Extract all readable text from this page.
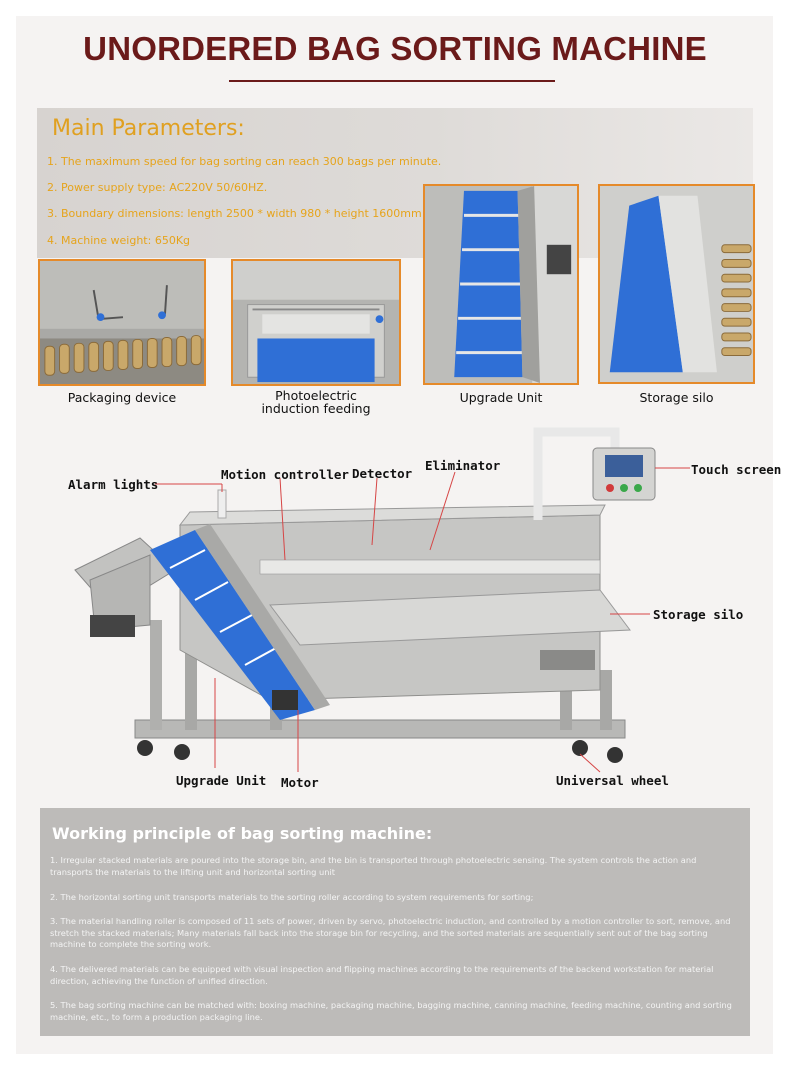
UNORDERED BAG SORTING MACHINE
Main Parameters:
1. The maximum speed for bag sorting can reach 300 bags per minute.
2. Power supply type: AC220V 50/60HZ.
3. Boundary dimensions: length 2500 * width 980 * height 1600mm
4. Machine weight: 650Kg
Packaging device	Photoelectric
induction feeding
Upgrade Unit	Storage silo
Alarm lights
Motion controller Detector
Eliminator	Touch screen
Storage silo
Upgrade Unit Motor	Universal wheel
Working principle of bag sorting machine:
1. Irregular stacked materials are poured into the storage bin, and the bin is transported through photoelectric sensing. The system controls the action and transports the materials to the lifting unit and horizontal sorting unit
2. The horizontal sorting unit transports materials to the sorting roller according to system requirements for sorting;
3. The material handling roller is composed of 11 sets of power, driven by servo, photoelectric induction, and controlled by a motion controller to sort, remove, and stretch the stacked materials; Many materials fall back into the storage bin for recycling, and the sorted materials are sequentially sent out of the bag sorting machine to complete the sorting work.
4. The delivered materials can be equipped with visual inspection and flipping machines according to the requirements of the backend workstation for material direction, achieving the function of unified direction.
5. The bag sorting machine can be matched with: boxing machine, packaging machine, bagging machine, canning machine, feeding machine, counting and sorting machine, etc., to form a production packaging line.
